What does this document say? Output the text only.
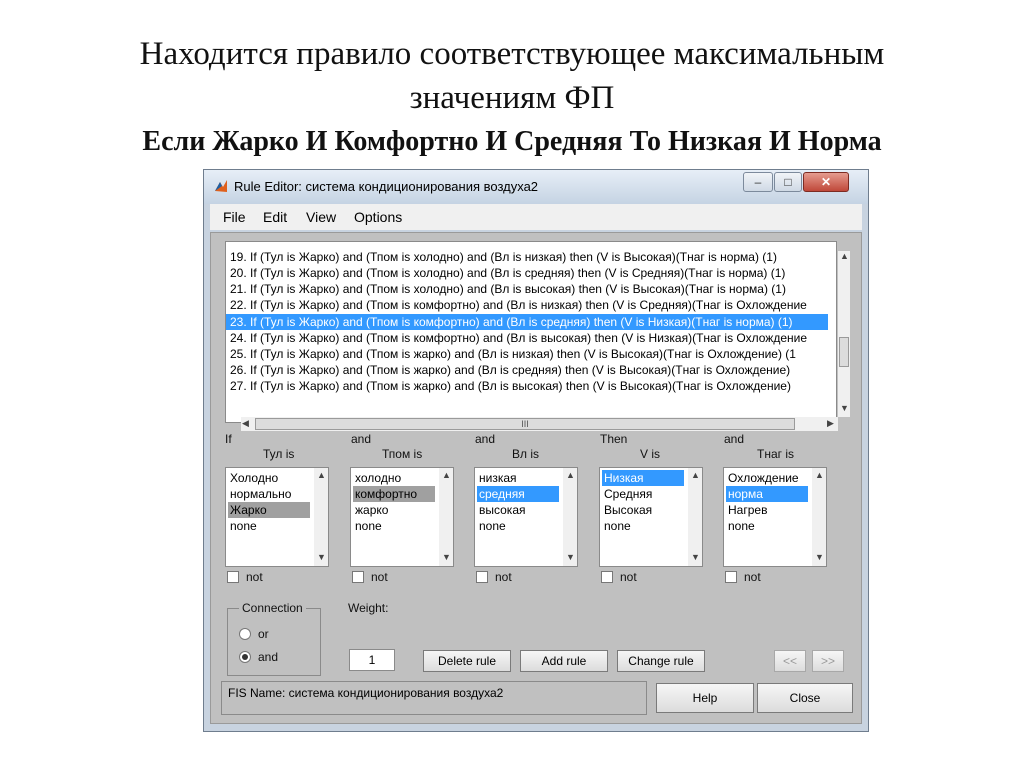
Находится правило соответствующее максимальным
значениям ФП
Если Жарко И Комфортно И Средняя То Низкая И Норма
Rule Editor: система кондиционирования воздуха2	–	□	✕
File Edit View Options
19. If (Тул is Жарко) and (Тпом is холодно) and (Вл is низкая) then (V is Высокая)(Тнаг is норма) (1)
20. If (Тул is Жарко) and (Тпом is холодно) and (Вл is средняя) then (V is Средняя)(Тнаг is норма) (1)
21. If (Тул is Жарко) and (Тпом is холодно) and (Вл is высокая) then (V is Высокая)(Тнаг is норма) (1)
22. If (Тул is Жарко) and (Тпом is комфортно) and (Вл is низкая) then (V is Средняя)(Тнаг is Охлождение
23. If (Тул is Жарко) and (Тпом is комфортно) and (Вл is средняя) then (V is Низкая)(Тнаг is норма) (1)
24. If (Тул is Жарко) and (Тпом is комфортно) and (Вл is высокая) then (V is Низкая)(Тнаг is Охлождение
25. If (Тул is Жарко) and (Тпом is жарко) and (Вл is низкая) then (V is Высокая)(Тнаг is Охлождение) (1
26. If (Тул is Жарко) and (Тпом is жарко) and (Вл is средняя) then (V is Высокая)(Тнаг is Охлождение)
27. If (Тул is Жарко) and (Тпом is жарко) and (Вл is высокая) then (V is Высокая)(Тнаг is Охлождение)
▲
▼
◀	III	▶
If
Тул is
Холодно
нормально
Жарко
none
▲
▼
not
and
Тпом is
холодно
комфортно
жарко
none
▲
▼
not
and
Вл is
низкая
средняя
высокая
none
▲
▼
not
Then
V is
Низкая
Средняя
Высокая
none
▲
▼
not
and
Тнаг is
Охлождение
норма
Нагрев
none
▲
▼
not
Connection
or
and
Weight:
1	Delete rule	Add rule	Change rule	<<	>>
FIS Name: система кондиционирования воздуха2	Help	Close
